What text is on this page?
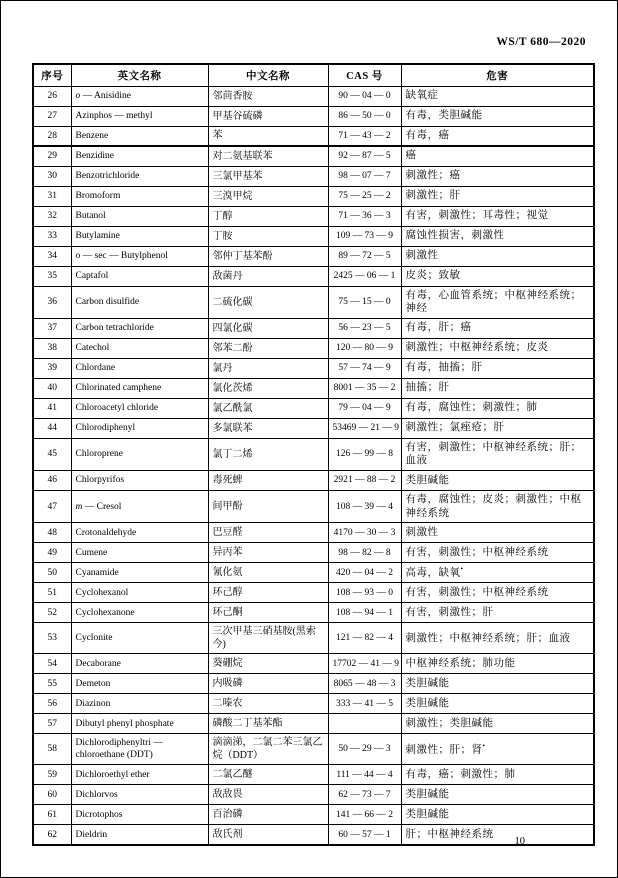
WS/T 680—2020
序号	英文名称	中文名称	CAS 号	危害
26	o — Anisidine	邻茴香胺	90 — 04 — 0	缺氧症
27	Azinphos — methyl	甲基谷硫磷	86 — 50 — 0	有毒，类胆碱能
28	Benzene	苯	71 — 43 — 2	有毒，癌
29	Benzidine	对二氨基联苯	92 — 87 — 5	癌
30	Benzotrichloride	三氯甲基苯	98 — 07 — 7	刺激性；癌
31	Bromoform	三溴甲烷	75 — 25 — 2	刺激性；肝
32	Butanol	丁醇	71 — 36 — 3	有害，刺激性；耳毒性；视觉
33	Butylamine	丁胺	109 — 73 — 9	腐蚀性损害，刺激性
34	o — sec — Butylphenol	邻仲丁基苯酚	89 — 72 — 5	刺激性
35	Captafol	敌菌丹	2425 — 06 — 1	皮炎；致敏
36	Carbon disulfide	二硫化碳	75 — 15 — 0	有毒，心血管系统；中枢神经系统；神经
37	Carbon tetrachloride	四氯化碳	56 — 23 — 5	有毒，肝；癌
38	Catechol	邻苯二酚	120 — 80 — 9	刺激性；中枢神经系统；皮炎
39	Chlordane	氯丹	57 — 74 — 9	有毒，抽搐；肝
40	Chlorinated camphene	氯化茨烯	8001 — 35 — 2	抽搐；肝
41	Chloroacetyl chloride	氯乙酰氯	79 — 04 — 9	有毒，腐蚀性；刺激性；肺
44	Chlorodiphenyl	多氯联苯	53469 — 21 — 9	刺激性；氯痤疮；肝
45	Chloroprene	氯丁二烯	126 — 99 — 8	有害，刺激性；中枢神经系统；肝；血液
46	Chlorpyrifos	毒死蜱	2921 — 88 — 2	类胆碱能
47	m — Cresol	间甲酚	108 — 39 — 4	有毒，腐蚀性；皮炎；刺激性；中枢神经系统
48	Crotonaldehyde	巴豆醛	4170 — 30 — 3	刺激性
49	Cumene	异丙苯	98 — 82 — 8	有害，刺激性；中枢神经系统
50	Cyanamide	氰化氨	420 — 04 — 2	高毒，缺氧•
51	Cyclohexanol	环己醇	108 — 93 — 0	有害，刺激性；中枢神经系统
52	Cyclohexanone	环己酮	108 — 94 — 1	有害，刺激性；肝
53	Cyclonite	三次甲基三硝基胺(黑索今)	121 — 82 — 4	刺激性；中枢神经系统；肝；血液
54	Decaborane	葵硼烷	17702 — 41 — 9	中枢神经系统；肺功能
55	Demeton	内吸磷	8065 — 48 — 3	类胆碱能
56	Diazinon	二嗪农	333 — 41 — 5	类胆碱能
57	Dibutyl phenyl phosphate	磷酸二丁基苯酯		刺激性；类胆碱能
58	Dichlorodiphenyltri — chloroethane (DDT)	滴滴涕，二氯二苯三氯乙烷（DDT）	50 — 29 — 3	刺激性；肝；肾•
59	Dichloroethyl ether	二氯乙醚	111 — 44 — 4	有毒，癌；刺激性；肺
60	Dichlorvos	敌敌畏	62 — 73 — 7	类胆碱能
61	Dicrotophos	百治磷	141 — 66 — 2	类胆碱能
62	Dieldrin	敌氏剂	60 — 57 — 1	肝；中枢神经系统
10
